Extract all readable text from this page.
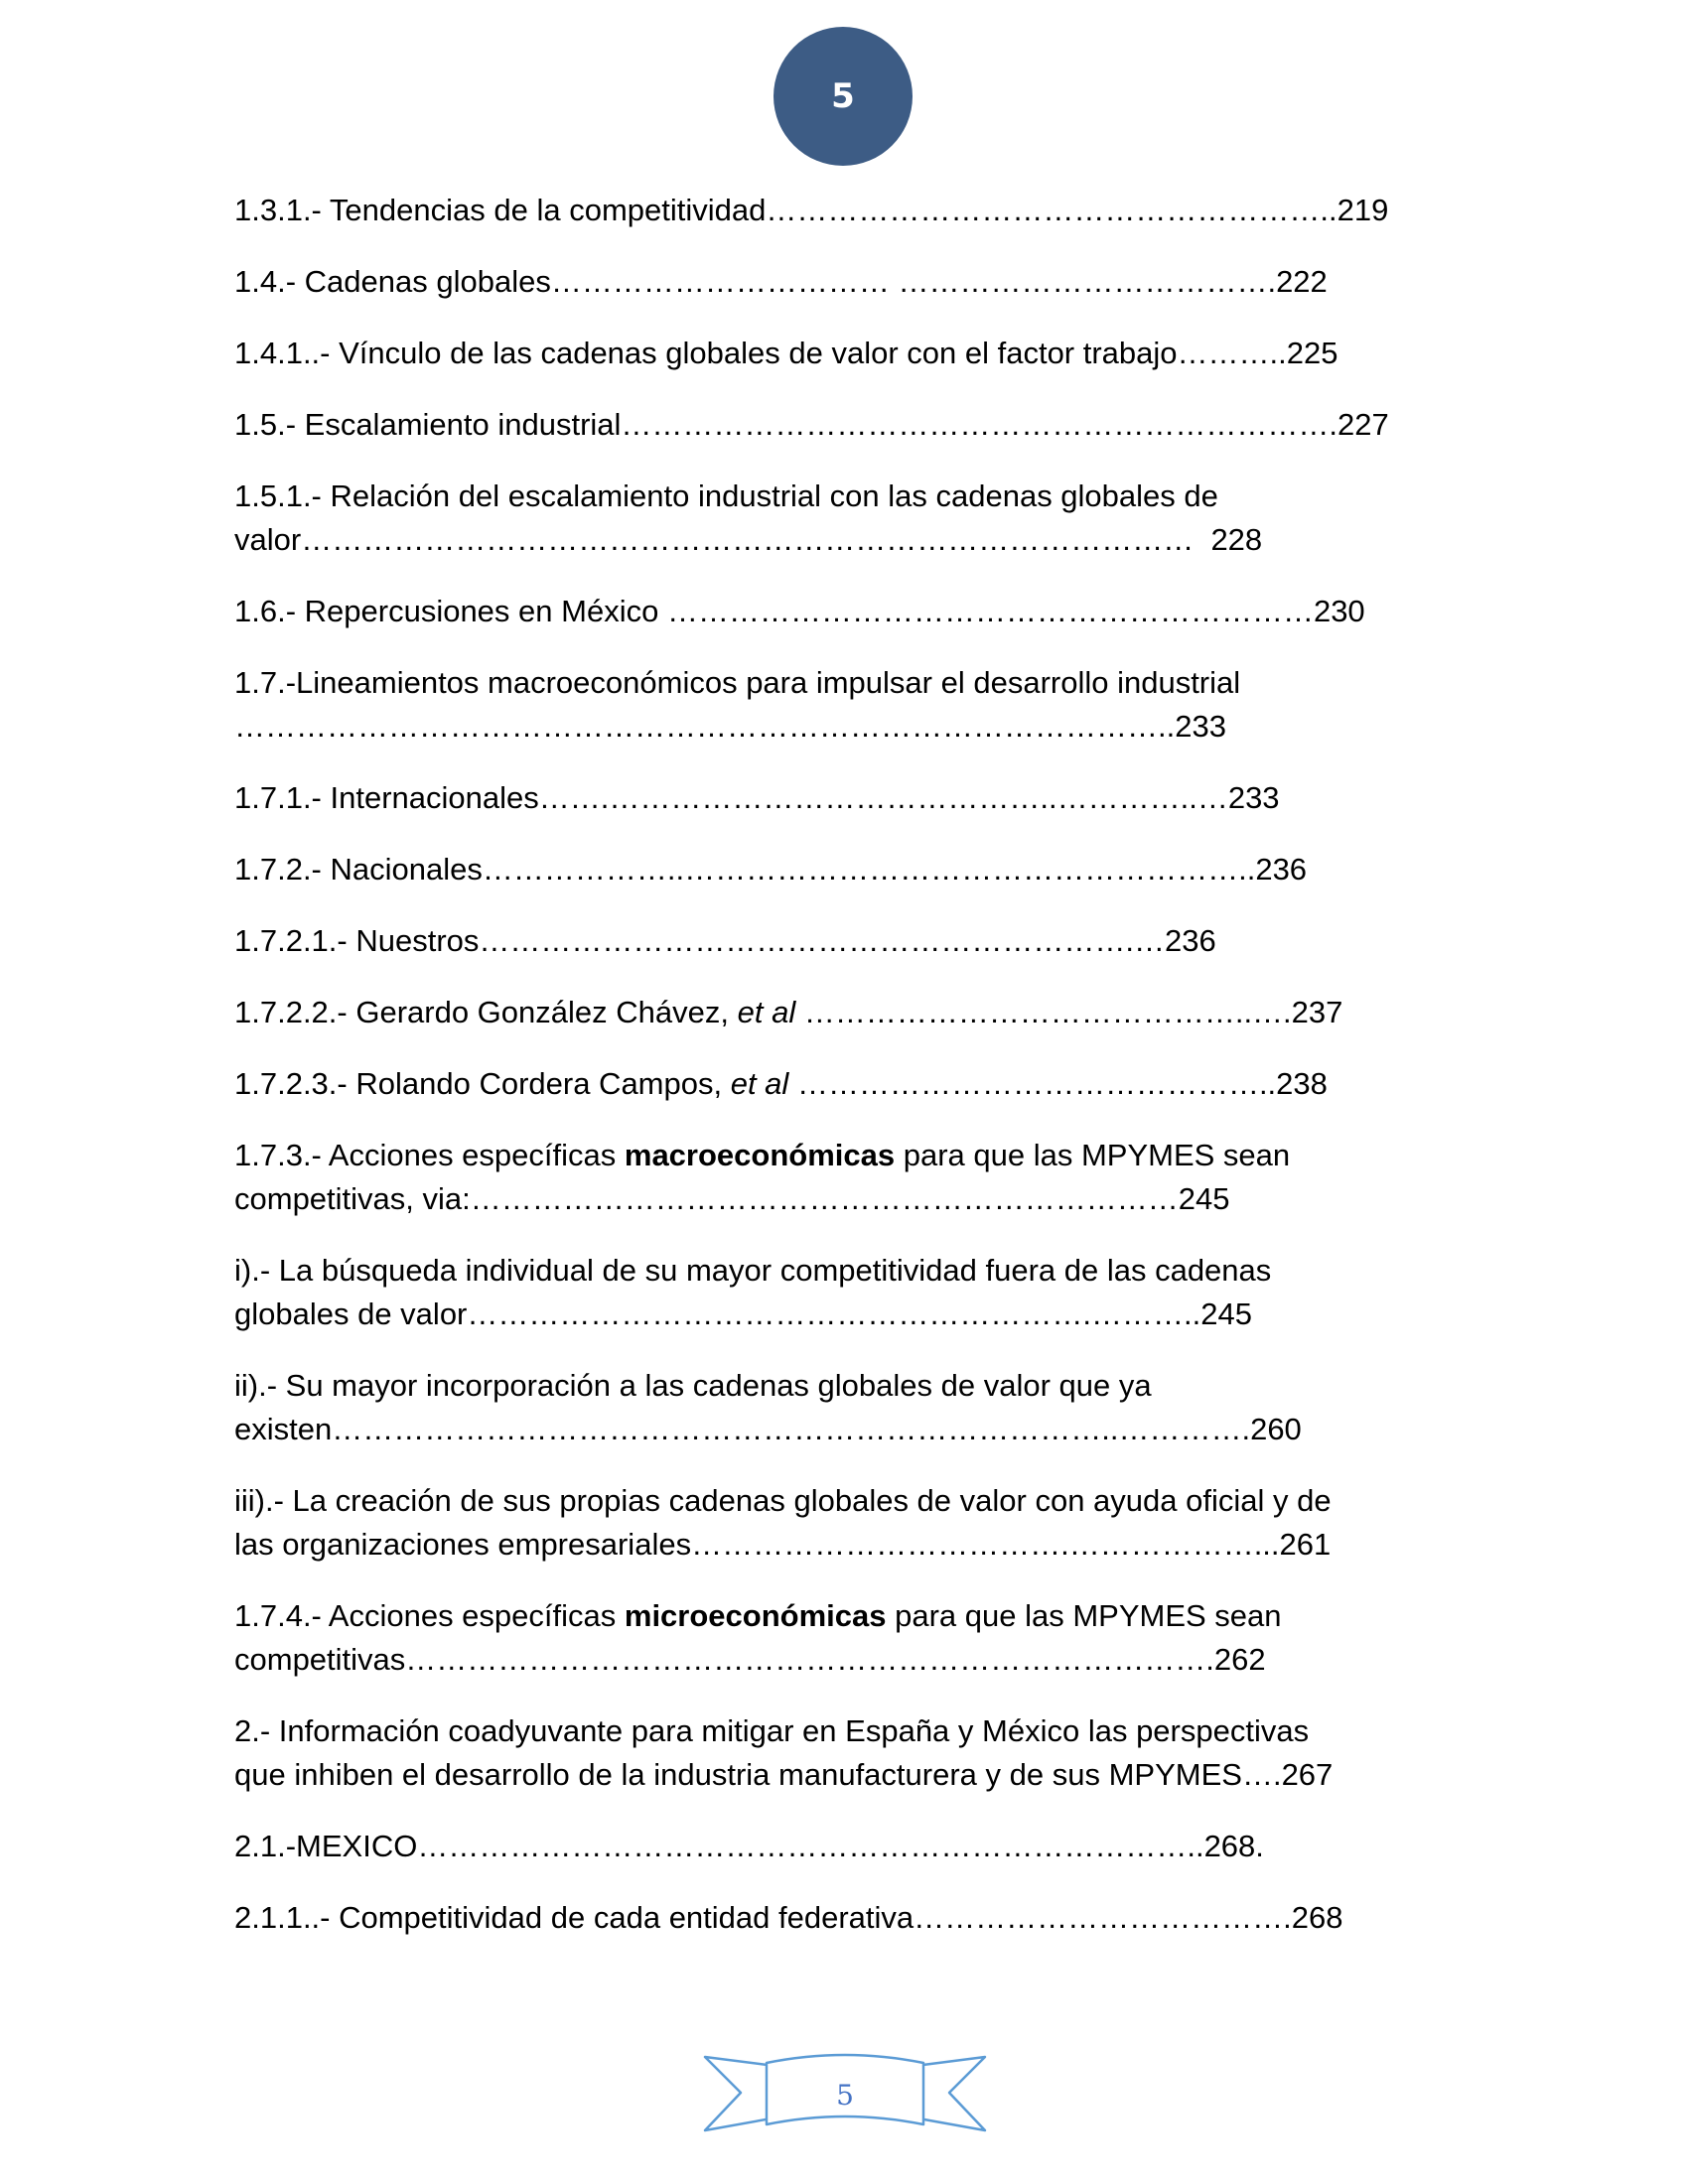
5
1.3.1.- Tendencias de la competitividad………………………………………………..219
1.4.- Cadenas globales…………………………… ……………………………….222
1.4.1..- Vínculo de las cadenas globales de valor con el factor trabajo………..225
1.5.- Escalamiento industrial…………………………………………………………….227
1.5.1.- Relación del escalamiento industrial con las cadenas globales de
valor…………………………………………………………………………… 228
1.6.- Repercusiones en México ………………………………………………………230
1.7.-Lineamientos macroeconómicos para impulsar el desarrollo industrial
………………………………………………………………………………..233
1.7.1.- Internacionales…….……………………………………..…………..…233
1.7.2.- Nacionales………………..………………………………………………..236
1.7.2.1.- Nuestros……………………………………………………….…236
1.7.2.2.- Gerardo González Chávez, et al ……………………………………..….237
1.7.2.3.- Rolando Cordera Campos, et al ………………………………………..238
1.7.3.- Acciones específicas macroeconómicas para que las MPYMES sean
competitivas, via:……………………………………………………………245
i).- La búsqueda individual de su mayor competitividad fuera de las cadenas
globales de valor…………………………………………………….………..245
ii).- Su mayor incorporación a las cadenas globales de valor que ya
existen…………………………………………………………………..………….260
iii).- La creación de sus propias cadenas globales de valor con ayuda oficial y de
las organizaciones empresariales……………………………….………………...261
1.7.4.- Acciones específicas microeconómicas para que las MPYMES sean
competitivas…………………………………………………………………….262
2.- Información coadyuvante para mitigar en España y México las perspectivas
que inhiben el desarrollo de la industria manufacturera y de sus MPYMES….267
2.1.-MEXICO…………………………………………………………………..268.
2.1.1..- Competitividad de cada entidad federativa……………………………….268
5
